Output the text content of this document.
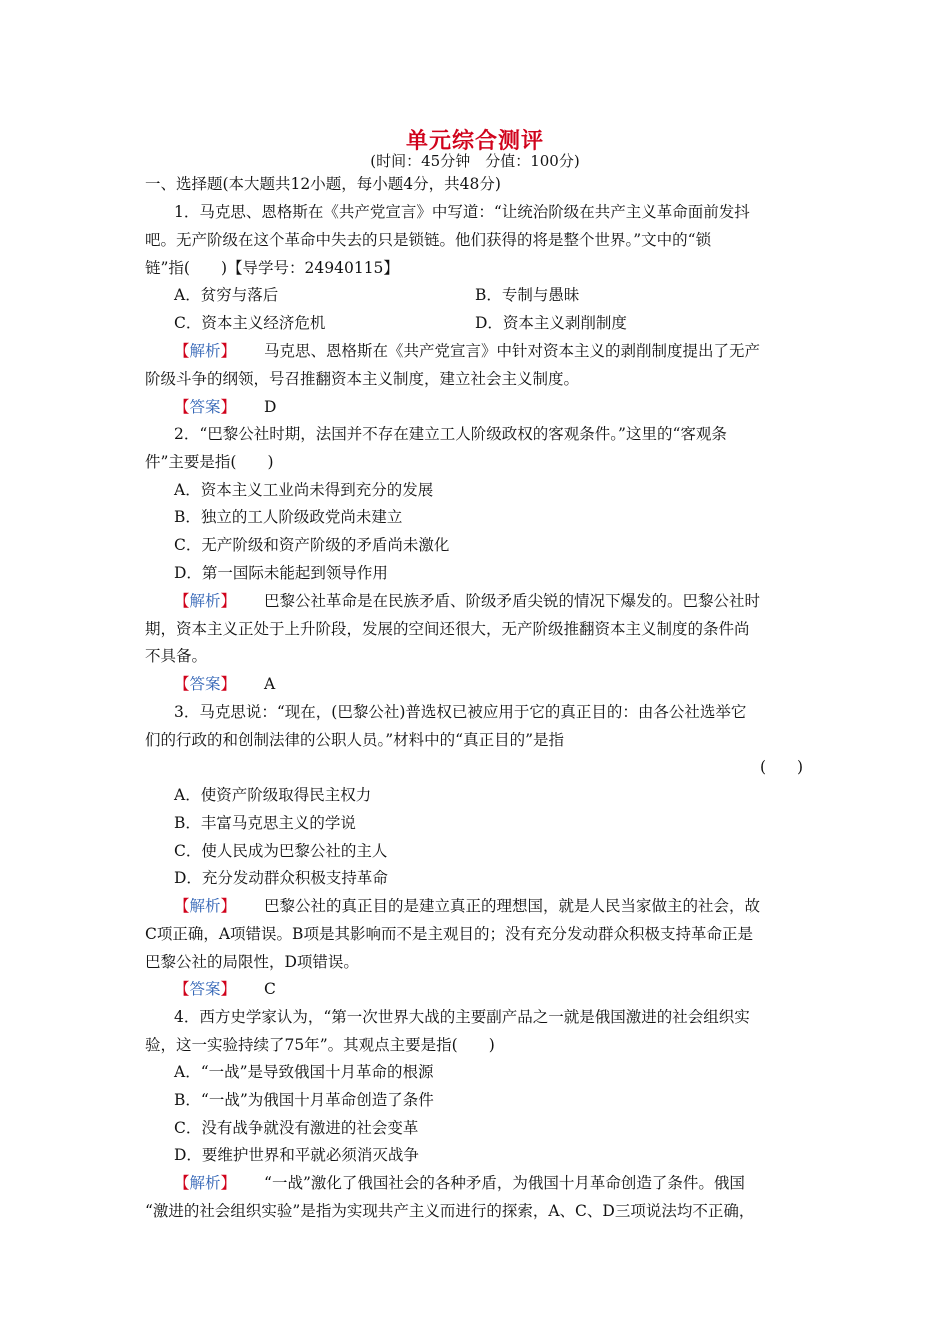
单元综合测评
(时间：45分钟　分值：100分)
一、选择题(本大题共12小题，每小题4分，共48分)
1．马克思、恩格斯在《共产党宣言》中写道：“让统治阶级在共产主义革命面前发抖
吧。无产阶级在这个革命中失去的只是锁链。他们获得的将是整个世界。”文中的“锁
链”指(　　)【导学号：24940115】
A．贫穷与落后	B．专制与愚昧
C．资本主义经济危机	D．资本主义剥削制度
【解析】 马克思、恩格斯在《共产党宣言》中针对资本主义的剥削制度提出了无产
阶级斗争的纲领，号召推翻资本主义制度，建立社会主义制度。
【答案】 D
2．“巴黎公社时期，法国并不存在建立工人阶级政权的客观条件。”这里的“客观条
件”主要是指(　　)
A．资本主义工业尚未得到充分的发展
B．独立的工人阶级政党尚未建立
C．无产阶级和资产阶级的矛盾尚未激化
D．第一国际未能起到领导作用
【解析】 巴黎公社革命是在民族矛盾、阶级矛盾尖锐的情况下爆发的。巴黎公社时
期，资本主义正处于上升阶段，发展的空间还很大，无产阶级推翻资本主义制度的条件尚
不具备。
【答案】 A
3．马克思说：“现在，(巴黎公社)普选权已被应用于它的真正目的：由各公社选举它
们的行政的和创制法律的公职人员。”材料中的“真正目的”是指
(　　)
A．使资产阶级取得民主权力
B．丰富马克思主义的学说
C．使人民成为巴黎公社的主人
D．充分发动群众积极支持革命
【解析】 巴黎公社的真正目的是建立真正的理想国，就是人民当家做主的社会，故
C项正确，A项错误。B项是其影响而不是主观目的；没有充分发动群众积极支持革命正是
巴黎公社的局限性，D项错误。
【答案】 C
4．西方史学家认为，“第一次世界大战的主要副产品之一就是俄国激进的社会组织实
验，这一实验持续了75年”。其观点主要是指(　　)
A．“一战”是导致俄国十月革命的根源
B．“一战”为俄国十月革命创造了条件
C．没有战争就没有激进的社会变革
D．要维护世界和平就必须消灭战争
【解析】 “一战”激化了俄国社会的各种矛盾，为俄国十月革命创造了条件。俄国
“激进的社会组织实验”是指为实现共产主义而进行的探索，A、C、D三项说法均不正确，
